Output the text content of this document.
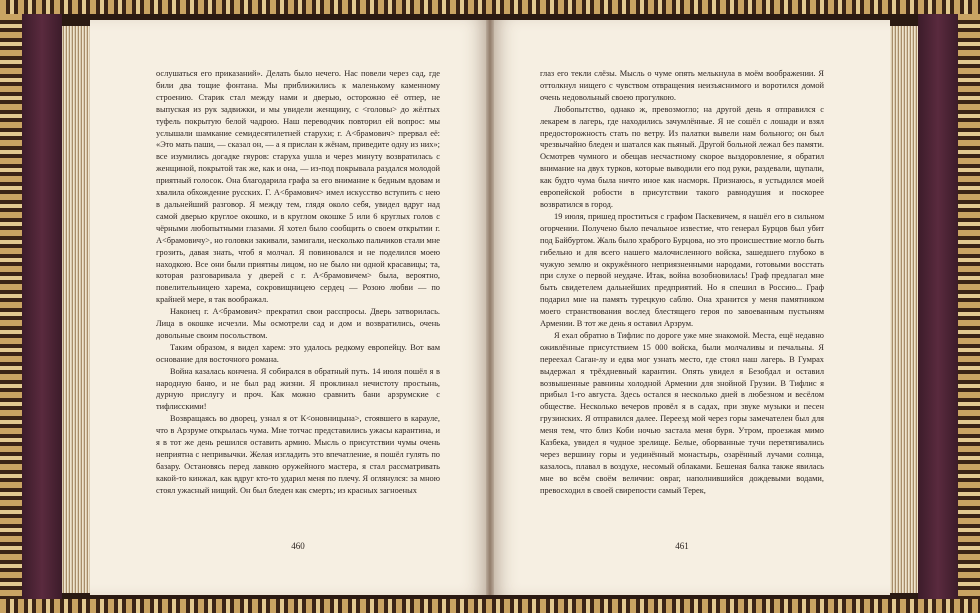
ослушаться его приказаний». Делать было нечего. Нас повели через сад, где били два тощие фонтана. Мы приближились к маленькому каменному строению. Старик стал между нами и дверью, осторожно её отпер, не выпуская из рук задвижки, и мы увидели женщину, с <головы> до жёлтых туфель покрытую белой чадрою. Наш переводчик повторил ей вопрос: мы услышали шамкание семидесятилетней старухи; г. А<брамович> прервал её: «Это мать паши, — сказал он, — а я прислан к жёнам, приведите одну из них»; все изумились догадке гяуров: старуха ушла и через минуту возвратилась с женщиной, покрытой так же, как и она, — из-под покрывала раздался молодой приятный голосок. Она благодарила графа за его внимание к бедным вдовам и хвалила обхождение русских. Г. А<брамович> имел искусство вступить с нею в дальнейший разговор. Я между тем, глядя около себя, увидел вдруг над самой дверью круглое окошко, и в круглом окошке 5 или 6 круглых голов с чёрными любопытными глазами. Я хотел было сообщить о своем открытии г. А<брамовичу>, но головки закивали, замигали, несколько пальчиков стали мне грозить, давая знать, чтоб я молчал. Я повиновался и не поделился моею находкою. Все они были приятны лицом, но не было ни одной красавицы; та, которая разговаривала у дверей с г. А<брамовичем> была, вероятно, повелительницею харема, сокровищницею сердец — Розою любви — по крайней мере, я так воображал.

Наконец г. А<брамович> прекратил свои расспросы. Дверь затворилась. Лица в окошке исчезли. Мы осмотрели сад и дом и возвратились, очень довольные своим посольством.

Таким образом, я видел харем: это удалось редкому европейцу. Вот вам основание для восточного романа.

Война казалась кончена. Я собирался в обратный путь. 14 июля пошёл я в народную баню, и не был рад жизни. Я проклинал нечистоту простынь, дурную прислугу и проч. Как можно сравнить бани арзрумские с тифлисскими!

Возвращаясь во дворец, узнал я от К<оновницына>, стоявшего в карауле, что в Арзруме открылась чума. Мне тотчас представились ужасы карантина, и я в тот же день решился оставить армию. Мысль о присутствии чумы очень неприятна с непривычки. Желая изгладить это впечатление, я пошёл гулять по базару. Остановясь перед лавкою оружейного мастера, я стал рассматривать какой-то кинжал, как вдруг кто-то ударил меня по плечу. Я оглянулся: за мною стоял ужасный нищий. Он был бледен как смерть; из красных загноеных

460

глаз его текли слёзы. Мысль о чуме опять мелькнула в моём воображении. Я оттолкнул нищего с чувством отвращения неизъяснимого и воротился домой очень недовольный своею прогулкою.

Любопытство, однако ж, превозмогло; на другой день я отправился с лекарем в лагерь, где находились зачумлённые. Я не сошёл с лошади и взял предосторожность стать по ветру. Из палатки вывели нам больного; он был чрезвычайно бледен и шатался как пьяный. Другой больной лежал без памяти. Осмотрев чумного и обещав несчастному скорое выздоровление, я обратил внимание на двух турков, которые выводили его под руки, раздевали, щупали, как будто чума была ничто иное как насморк. Признаюсь, я устыдился моей европейской робости в присутствии такого равнодушия и поскорее возвратился в город.

19 июля, пришед проститься с графом Паскевичем, я нашёл его в сильном огорчении. Получено было печальное известие, что генерал Бурцов был убит под Байбуртом. Жаль было храброго Бурцова, но это происшествие могло быть гибельно и для всего нашего малочисленного войска, зашедшего глубоко в чужую землю и окружённого неприязненными народами, готовыми восстать при слухе о первой неудаче. Итак, война возобновилась! Граф предлагал мне быть свидетелем дальнейших предприятий. Но я спешил в Россию... Граф подарил мне на память турецкую саблю. Она хранится у меня памятником моего странствования вослед блестящего героя по завоеванным пустыням Армении. В тот же день я оставил Арзрум.

Я ехал обратно в Тифлис по дороге уже мне знакомой. Места, ещё недавно оживлённые присутствием 15 000 войска, были молчаливы и печальны. Я переехал Саган-лу и едва мог узнать место, где стоял наш лагерь. В Гумрах выдержал я трёхдневный карантин. Опять увидел я Безобдал и оставил возвышенные равнины холодной Армении для знойной Грузии. В Тифлис я прибыл 1-го августа. Здесь остался я несколько дней в любезном и весёлом обществе. Несколько вечеров провёл я в садах, при звуке музыки и песен грузинских. Я отправился далее. Переезд мой через горы замечателен был для меня тем, что близ Коби ночью застала меня буря. Утром, проезжая мимо Казбека, увидел я чудное зрелище. Белые, оборванные тучи перетягивались через вершину горы и уединённый монастырь, озарённый лучами солнца, казалось, плавал в воздухе, несомый облаками. Бешеная балка также явилась мне во всём своём величии: овраг, наполнившийся дождевыми водами, превосходил в своей свирепости самый Терек,

461
